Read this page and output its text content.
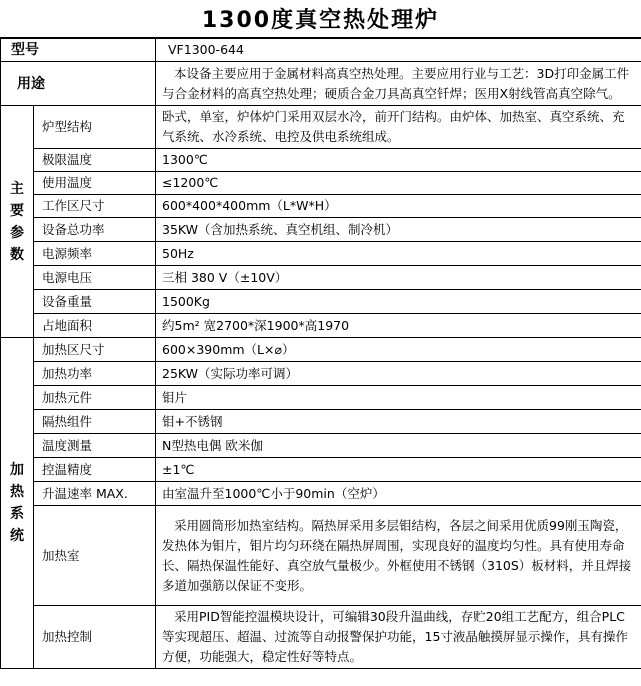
1300度真空热处理炉
型号		VF1300-644
用途		本设备主要应用于金属材料高真空热处理。主要应用行业与工艺：3D打印金属工件与合金材料的高真空热处理；硬质合金刀具高真空钎焊；医用X射线管高真空除气。
主要参数	炉型结构	卧式，单室，炉体炉门采用双层水冷，前开门结构。由炉体、加热室、真空系统、充气系统、水冷系统、电控及供电系统组成。
	极限温度	1300℃
	使用温度	≤1200℃
	工作区尺寸	600*400*400mm（L*W*H）
	设备总功率	35KW（含加热系统、真空机组、制冷机）
	电源频率	50Hz
	电源电压	三相 380 V（±10V）
	设备重量	1500Kg
	占地面积	约5m² 宽2700*深1900*高1970
加热系统	加热区尺寸	600×390mm（L×⌀）
	加热功率	25KW（实际功率可调）
	加热元件	钼片
	隔热组件	钼+不锈钢
	温度测量	N型热电偶 欧米伽
	控温精度	±1℃
	升温速率 MAX.	由室温升至1000℃小于90min（空炉）
	加热室	采用圆筒形加热室结构。隔热屏采用多层钼结构，各层之间采用优质99刚玉陶瓷，发热体为钼片，钼片均匀环绕在隔热屏周围，实现良好的温度均匀性。具有使用寿命长、隔热保温性能好、真空放气量极少。外框使用不锈钢（310S）板材料，并且焊接多道加强筋以保证不变形。
	加热控制	采用PID智能控温模块设计，可编辑30段升温曲线，存贮20组工艺配方，组合PLC等实现超压、超温、过流等自动报警保护功能，15寸液晶触摸屏显示操作，具有操作方便，功能强大，稳定性好等特点。
